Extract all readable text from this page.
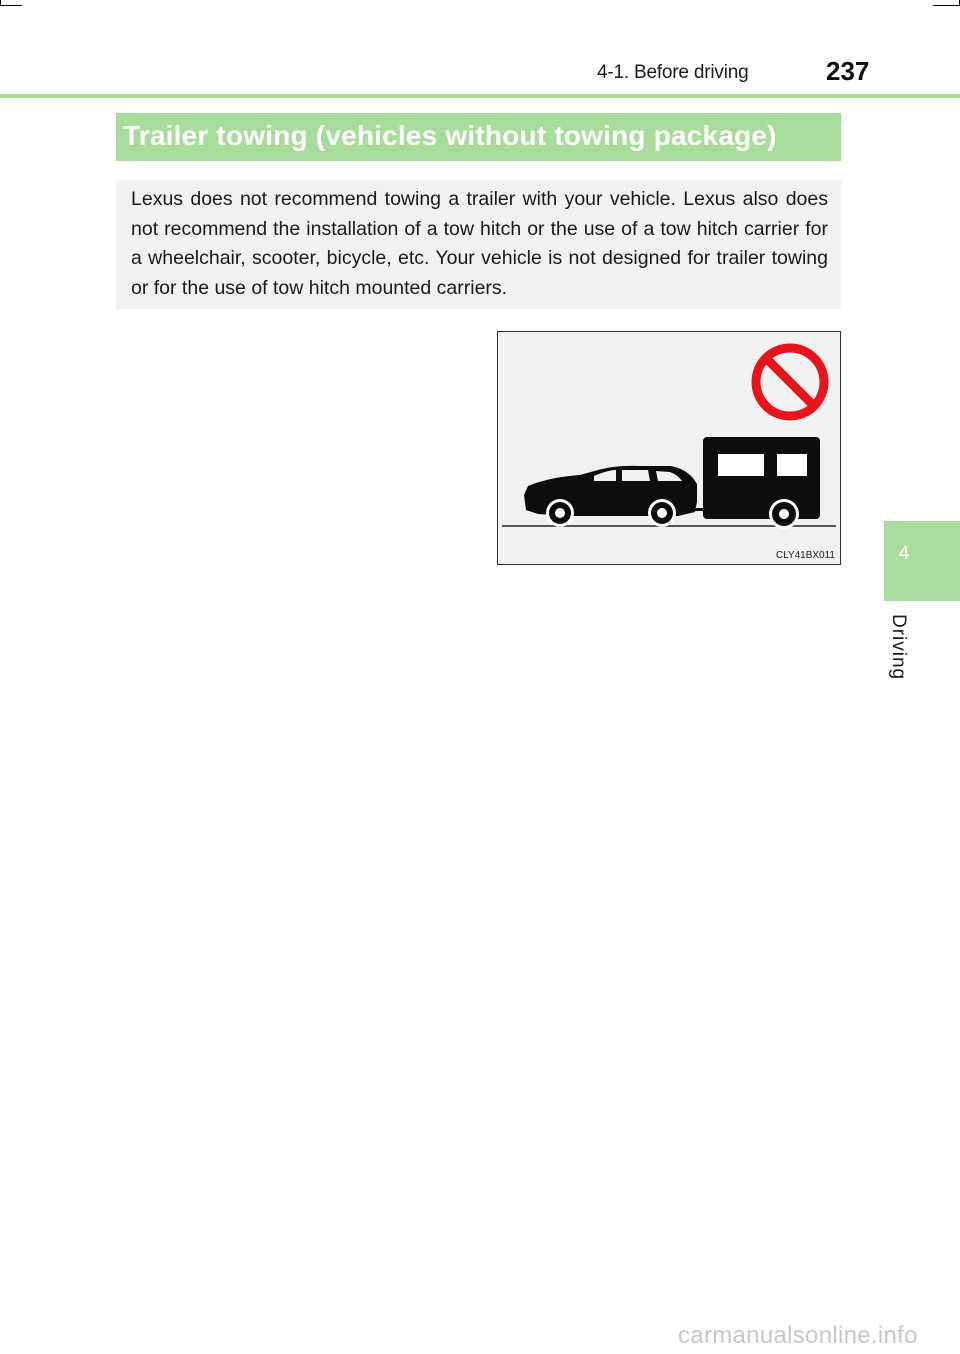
4-1. Before driving	237
Trailer towing (vehicles without towing package)
Lexus does not recommend towing a trailer with your vehicle. Lexus also does not recommend the installation of a tow hitch or the use of a tow hitch carrier for a wheelchair, scooter, bicycle, etc. Your vehicle is not designed for trailer towing or for the use of tow hitch mounted carriers.
CLY41BX011	4
Driving
carmanualsonline.info
